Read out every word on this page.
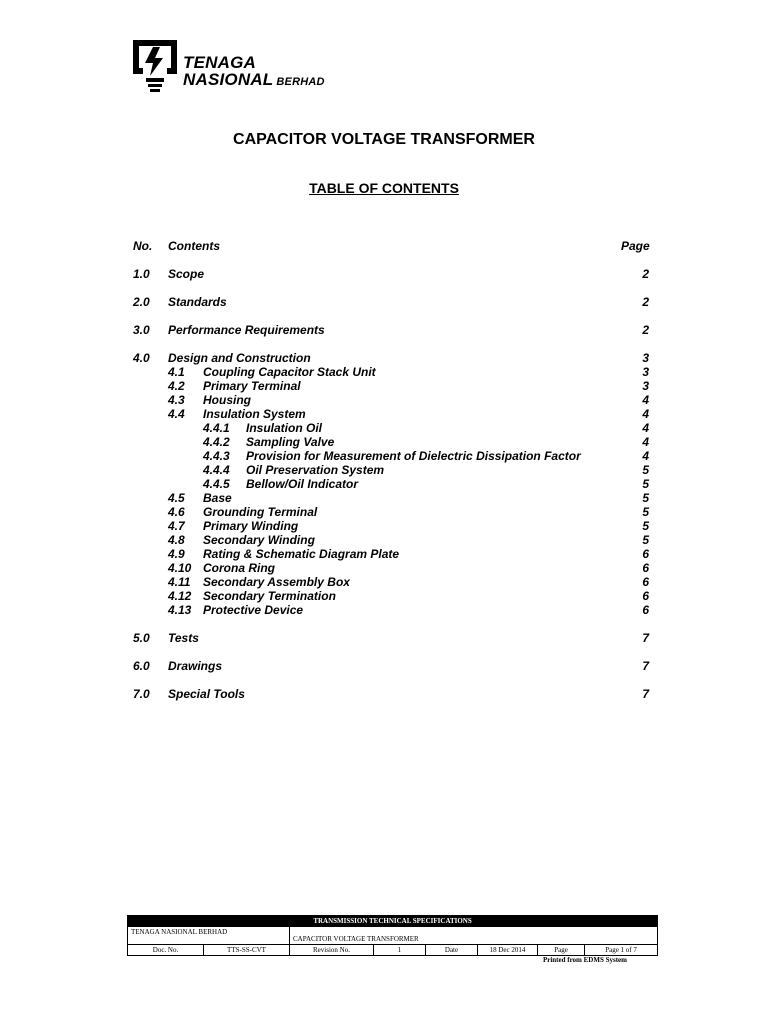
TENAGA
NASIONAL BERHAD
CAPACITOR VOLTAGE TRANSFORMER
TABLE OF CONTENTS
No. Contents	Page
1.0 Scope	2
2.0 Standards	2
3.0 Performance Requirements	2
4.0 Design and Construction	3
4.1 Coupling Capacitor Stack Unit	3
4.2 Primary Terminal	3
4.3 Housing	4
4.4 Insulation System	4
4.4.1 Insulation Oil	4
4.4.2 Sampling Valve	4
4.4.3 Provision for Measurement of Dielectric Dissipation Factor	4
4.4.4 Oil Preservation System	5
4.4.5 Bellow/Oil Indicator	5
4.5 Base	5
4.6 Grounding Terminal	5
4.7 Primary Winding	5
4.8 Secondary Winding	5
4.9 Rating & Schematic Diagram Plate	6
4.10 Corona Ring	6
4.11 Secondary Assembly Box	6
4.12 Secondary Termination	6
4.13 Protective Device	6
5.0 Tests	7
6.0 Drawings	7
7.0 Special Tools	7
TRANSMISSION TECHNICAL SPECIFICATIONS							
TENAGA NASIONAL BERHAD		CAPACITOR VOLTAGE TRANSFORMER					
Doc. No.	TTS-SS-CVT	Revision No.	1	Date	18 Dec 2014	Page	Page 1 of 7
Printed from EDMS System
